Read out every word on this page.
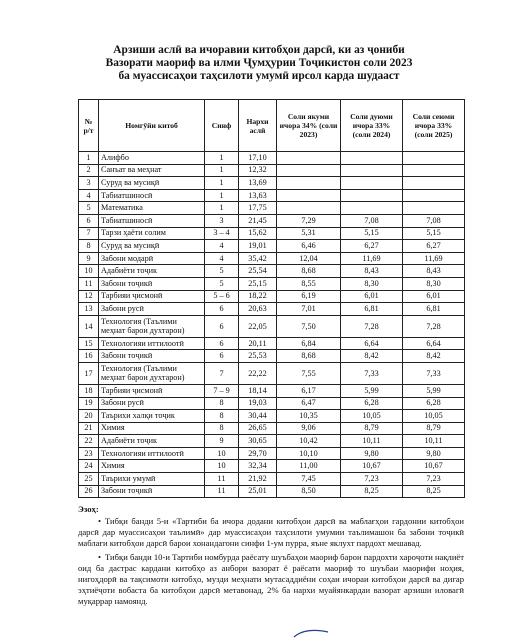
Арзиши аслӣ ва ичоравии китобҳои дарсӣ, ки аз ҷониби
Вазорати маориф ва илми Ҷумҳурии Тоҷикистон соли 2023
ба муассисаҳои таҳсилоти умумӣ ирсол карда шудааст
№ р/т	Номгӯйи китоб	Синф	Нархи аслӣ	Соли якуми ичора 34% (соли 2023)	Соли дуюми ичора 33% (соли 2024)	Соли сеюми ичора 33% (соли 2025)
1	Алифбо	1	17,10			
2	Санъат ва меҳнат	1	12,32			
3	Суруд ва мусиқӣ	1	13,69			
4	Табиатшиносӣ	1	13,63			
5	Математика	1	17,75			
6	Табиатшиносӣ	3	21,45	7,29	7,08	7,08
7	Тарзи ҳаёти солим	3 – 4	15,62	5,31	5,15	5,15
8	Суруд ва мусиқӣ	4	19,01	6,46	6,27	6,27
9	Забони модарӣ	4	35,42	12,04	11,69	11,69
10	Адабиёти тоҷик	5	25,54	8,68	8,43	8,43
11	Забони тоҷикӣ	5	25,15	8,55	8,30	8,30
12	Тарбияи ҷисмонӣ	5 – 6	18,22	6,19	6,01	6,01
13	Забони русӣ	6	20,63	7,01	6,81	6,81
14	Технология (Таълими меҳнат барои духтарон)	6	22,05	7,50	7,28	7,28
15	Технологияи иттилоотӣ	6	20,11	6,84	6,64	6,64
16	Забони тоҷикӣ	6	25,53	8,68	8,42	8,42
17	Технология (Таълими меҳнат барои духтарон)	7	22,22	7,55	7,33	7,33
18	Тарбияи ҷисмонӣ	7 – 9	18,14	6,17	5,99	5,99
19	Забони русӣ	8	19,03	6,47	6,28	6,28
20	Таърихи халқи тоҷик	8	30,44	10,35	10,05	10,05
21	Химия	8	26,65	9,06	8,79	8,79
22	Адабиёти тоҷик	9	30,65	10,42	10,11	10,11
23	Технологияи иттилоотӣ	10	29,70	10,10	9,80	9,80
24	Химия	10	32,34	11,00	10,67	10,67
25	Таърихи умумӣ	11	21,92	7,45	7,23	7,23
26	Забони тоҷикӣ	11	25,01	8,50	8,25	8,25
Эзоҳ:

• Тибқи банди 5-и «Тартиби ба ичора додани китобҳои дарсӣ ва маблағҳои гардонии китобҳои дарсӣ дар муассисаҳои таълимӣ» дар муассисаҳои таҳсилоти умумии таълимашон ба забони тоҷикӣ маблағи китобҳои дарсӣ барои хонандагони синфи 1-ум пурра, яъне яклухт пардохт мешавад.

• Тибқи банди 10-и Тартиби номбурда раёсату шуъбаҳои маориф барои пардохти хароҷоти нақлиёт оид ба дастрас кардани китобҳо аз анбори вазорат ё раёсати маориф то шуъбаи маорифи ноҳия, нигоҳдорӣ ва тақсимоти китобҳо, музди меҳнати мутасаддиёни соҳаи ичораи китобҳои дарсӣ ва дигар эҳтиёҷоти вобаста ба китобҳои дарсӣ метавонад, 2% ба нархи муайянкардаи вазорат арзиши иловагӣ муқаррар намоянд.
